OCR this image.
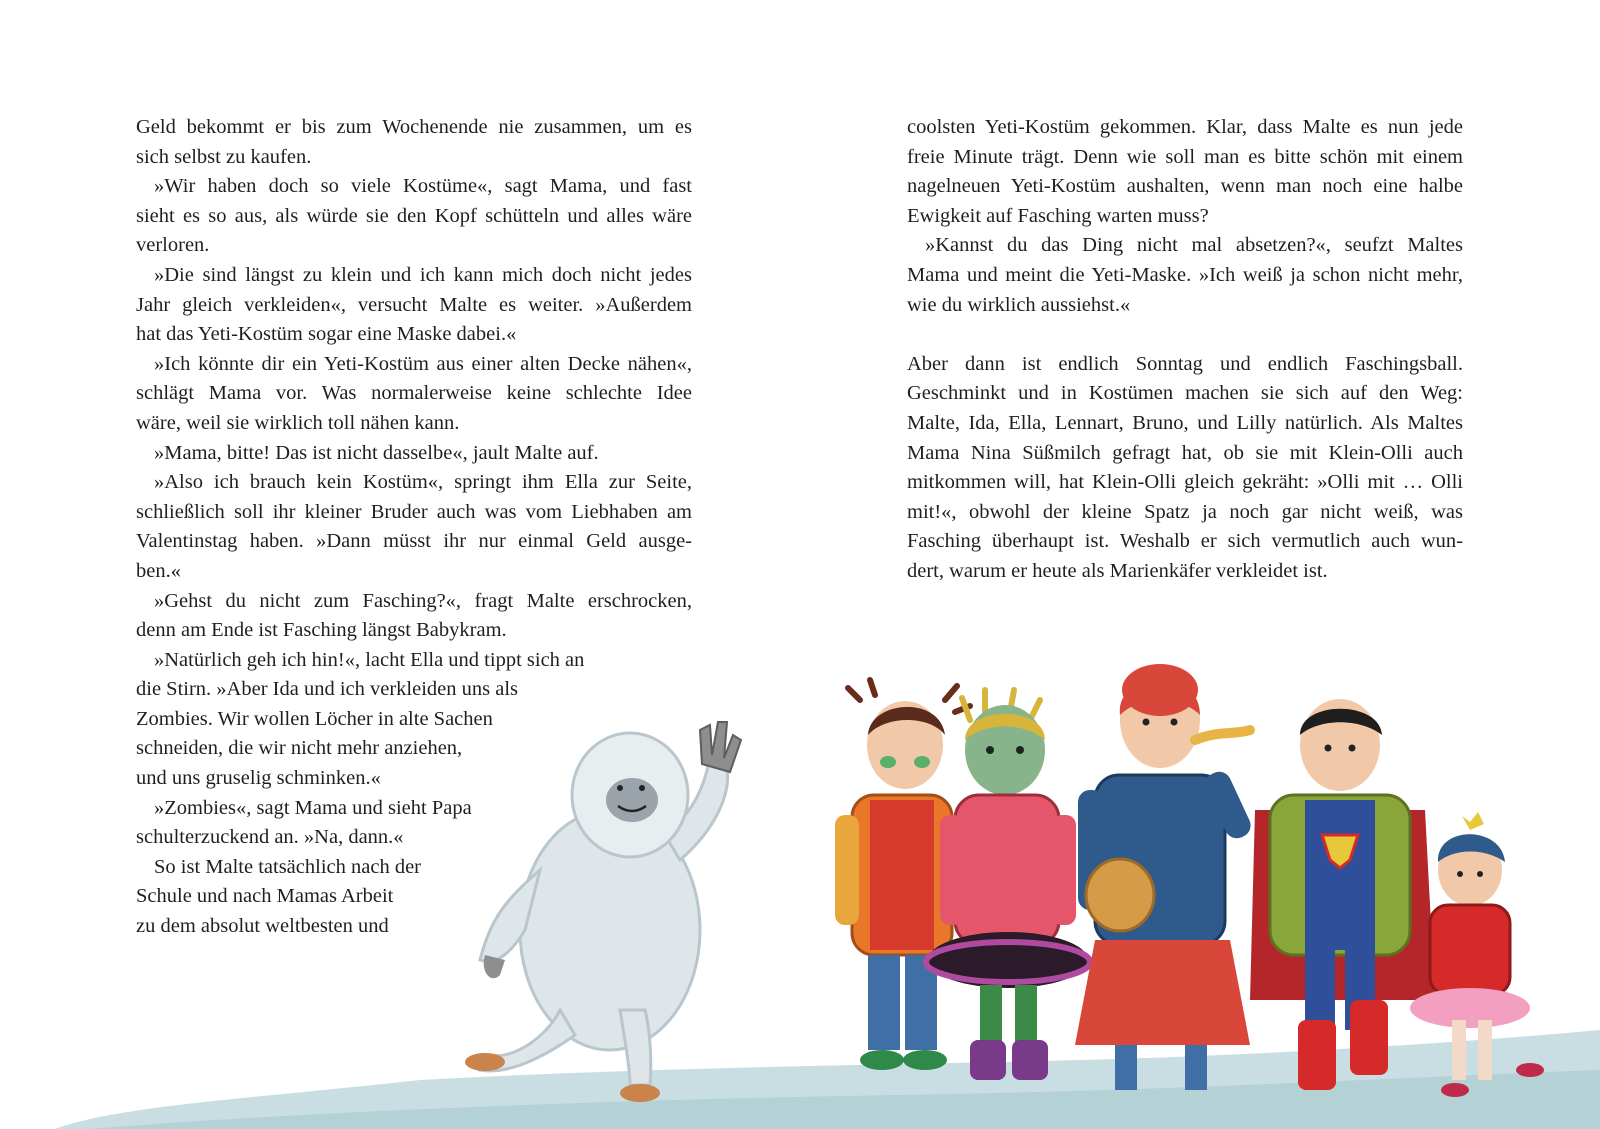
Geld bekommt er bis zum Wochenende nie zusammen, um es
sich selbst zu kaufen.
»Wir haben doch so viele Kostüme«, sagt Mama, und fast
sieht es so aus, als würde sie den Kopf schütteln und alles wäre
verloren.
»Die sind längst zu klein und ich kann mich doch nicht jedes
Jahr gleich verkleiden«, versucht Malte es weiter. »Außerdem
hat das Yeti-Kostüm sogar eine Maske dabei.«
»Ich könnte dir ein Yeti-Kostüm aus einer alten Decke nähen«,
schlägt Mama vor. Was normalerweise keine schlechte Idee
wäre, weil sie wirklich toll nähen kann.
»Mama, bitte! Das ist nicht dasselbe«, jault Malte auf.
»Also ich brauch kein Kostüm«, springt ihm Ella zur Seite,
schließlich soll ihr kleiner Bruder auch was vom Liebhaben am
Valentinstag haben. »Dann müsst ihr nur einmal Geld ausge-
ben.«
»Gehst du nicht zum Fasching?«, fragt Malte erschrocken,
denn am Ende ist Fasching längst Babykram.
»Natürlich geh ich hin!«, lacht Ella und tippt sich an
die Stirn. »Aber Ida und ich verkleiden uns als
Zombies. Wir wollen Löcher in alte Sachen
schneiden, die wir nicht mehr anziehen,
und uns gruselig schminken.«
»Zombies«, sagt Mama und sieht Papa
schulterzuckend an. »Na, dann.«
So ist Malte tatsächlich nach der
Schule und nach Mamas Arbeit
zu dem absolut weltbesten und
coolsten Yeti-Kostüm gekommen. Klar, dass Malte es nun jede
freie Minute trägt. Denn wie soll man es bitte schön mit einem
nagelneuen Yeti-Kostüm aushalten, wenn man noch eine halbe
Ewigkeit auf Fasching warten muss?
»Kannst du das Ding nicht mal absetzen?«, seufzt Maltes
Mama und meint die Yeti-Maske. »Ich weiß ja schon nicht mehr,
wie du wirklich aussiehst.«
Aber dann ist endlich Sonntag und endlich Faschingsball.
Geschminkt und in Kostümen machen sie sich auf den Weg:
Malte, Ida, Ella, Lennart, Bruno, und Lilly natürlich. Als Maltes
Mama Nina Süßmilch gefragt hat, ob sie mit Klein-Olli auch
mitkommen will, hat Klein-Olli gleich gekräht: »Olli mit … Olli
mit!«, obwohl der kleine Spatz ja noch gar nicht weiß, was
Fasching überhaupt ist. Weshalb er sich vermutlich auch wun-
dert, warum er heute als Marienkäfer verkleidet ist.
